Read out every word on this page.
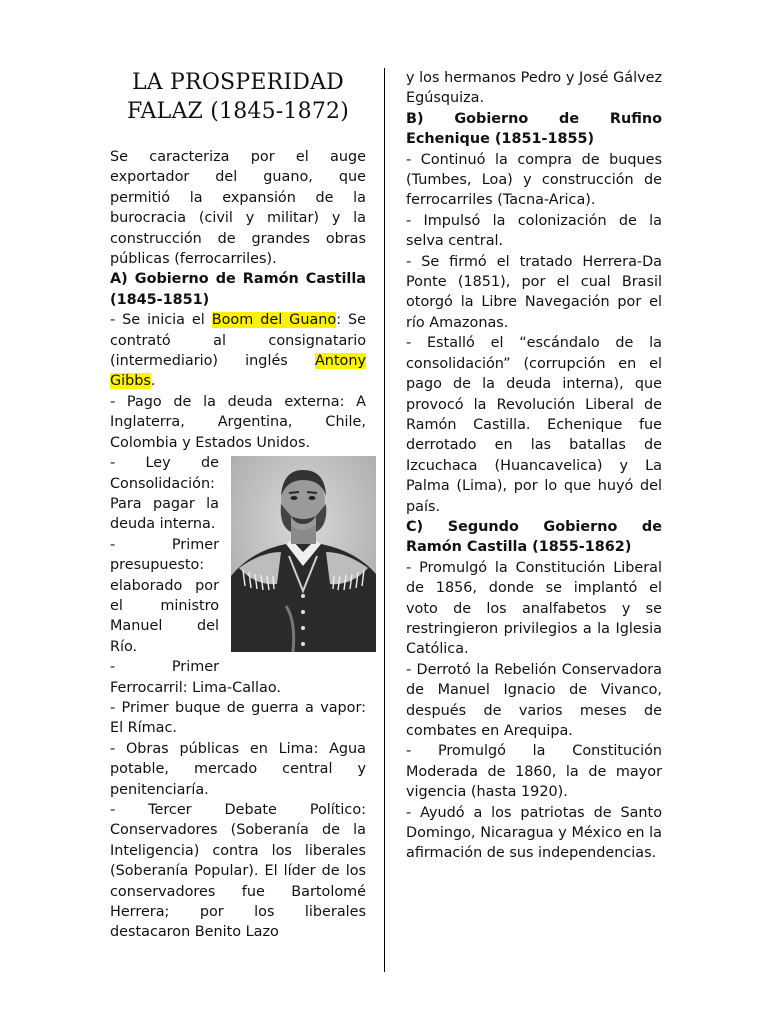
LA PROSPERIDAD FALAZ (1845-1872)

Se caracteriza por el auge exportador del guano, que permitió la expansión de la burocracia (civil y militar) y la construcción de grandes obras públicas (ferrocarriles).

A) Gobierno de Ramón Castilla (1845-1851)

- Se inicia el Boom del Guano: Se contrató al consignatario (intermediario) inglés Antony Gibbs.

- Pago de la deuda externa: A Inglaterra, Argentina, Chile, Colombia y Estados Unidos.

- Ley de Consolidación: Para pagar la deuda interna.

- Primer presupuesto: elaborado por el ministro Manuel del Río.

- Primer Ferrocarril: Lima-Callao.

- Primer buque de guerra a vapor: El Rímac.

- Obras públicas en Lima: Agua potable, mercado central y penitenciaría.

- Tercer Debate Político: Conservadores (Soberanía de la Inteligencia) contra los liberales (Soberanía Popular). El líder de los conservadores fue Bartolomé Herrera; por los liberales destacaron Benito Lazo

y los hermanos Pedro y José Gálvez Egúsquiza.

B) Gobierno de Rufino Echenique (1851-1855)

- Continuó la compra de buques (Tumbes, Loa) y construcción de ferrocarriles (Tacna-Arica).

- Impulsó la colonización de la selva central.

- Se firmó el tratado Herrera-Da Ponte (1851), por el cual Brasil otorgó la Libre Navegación por el río Amazonas.

- Estalló el “escándalo de la consolidación” (corrupción en el pago de la deuda interna), que provocó la Revolución Liberal de Ramón Castilla. Echenique fue derrotado en las batallas de Izcuchaca (Huancavelica) y La Palma (Lima), por lo que huyó del país.

C) Segundo Gobierno de Ramón Castilla (1855-1862)

- Promulgó la Constitución Liberal de 1856, donde se implantó el voto de los analfabetos y se restringieron privilegios a la Iglesia Católica.

- Derrotó la Rebelión Conservadora de Manuel Ignacio de Vivanco, después de varios meses de combates en Arequipa.

- Promulgó la Constitución Moderada de 1860, la de mayor vigencia (hasta 1920).

- Ayudó a los patriotas de Santo Domingo, Nicaragua y México en la afirmación de sus independencias.
